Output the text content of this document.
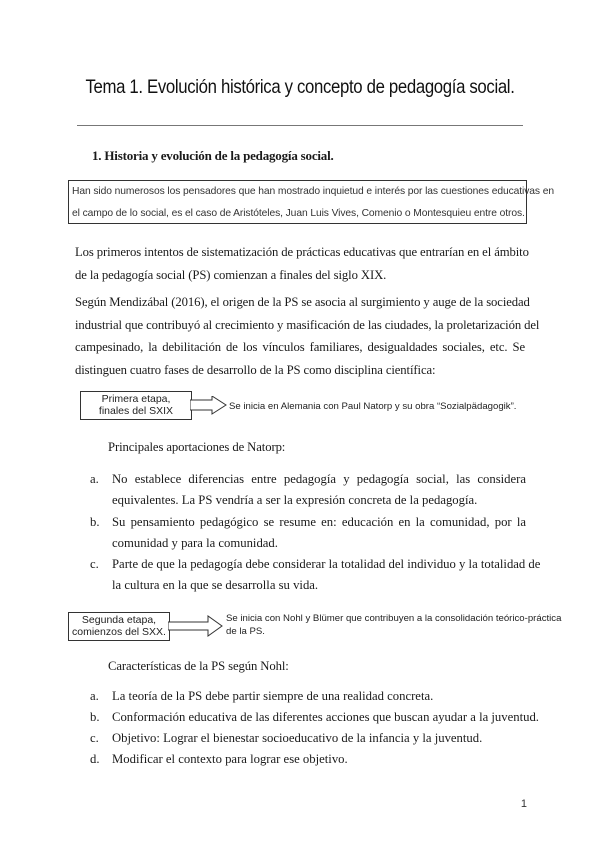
Tema 1. Evolución histórica y concepto de pedagogía social.
1. Historia y evolución de la pedagogía social.
Han sido numerosos los pensadores que han mostrado inquietud e interés por las cuestiones educativas en
el campo de lo social, es el caso de Aristóteles, Juan Luis Vives, Comenio o Montesquieu entre otros.
Los primeros intentos de sistematización de prácticas educativas que entrarían en el ámbito
de la pedagogía social (PS) comienzan a finales del siglo XIX.
Según Mendizábal (2016), el origen de la PS se asocia al surgimiento y auge de la sociedad
industrial que contribuyó al crecimiento y masificación de las ciudades, la proletarización del
campesinado, la debilitación de los vínculos familiares, desigualdades sociales, etc. Se
distinguen cuatro fases de desarrollo de la PS como disciplina científica:
Primera etapa,
finales del SXIX	Se inicia en Alemania con Paul Natorp y su obra “Sozialpädagogik”.
Principales aportaciones de Natorp:
a. No establece diferencias entre pedagogía y pedagogía social, las considera
equivalentes. La PS vendría a ser la expresión concreta de la pedagogía.
b. Su pensamiento pedagógico se resume en: educación en la comunidad, por la
comunidad y para la comunidad.
c. Parte de que la pedagogía debe considerar la totalidad del individuo y la totalidad de
la cultura en la que se desarrolla su vida.
Segunda etapa,
comienzos del SXX.
Se inicia con Nohl y Blümer que contribuyen a la consolidación teórico-práctica
de la PS.
Características de la PS según Nohl:
a. La teoría de la PS debe partir siempre de una realidad concreta.
b. Conformación educativa de las diferentes acciones que buscan ayudar a la juventud.
c. Objetivo: Lograr el bienestar socioeducativo de la infancia y la juventud.
d. Modificar el contexto para lograr ese objetivo.
1
